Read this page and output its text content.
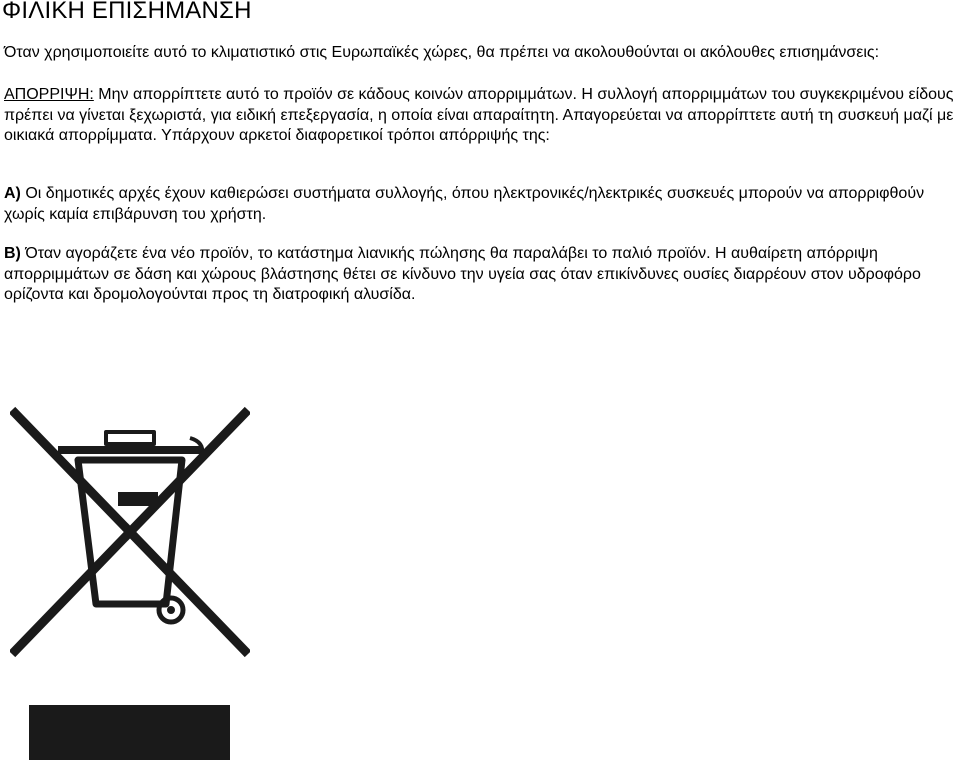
ΦΙΛΙΚΗ ΕΠΙΣΗΜΑΝΣΗ

Όταν χρησιμοποιείτε αυτό το κλιματιστικό στις Ευρωπαϊκές χώρες, θα πρέπει να ακολουθούνται οι ακόλουθες επισημάνσεις:

ΑΠΟΡΡΙΨΗ: Μην απορρίπτετε αυτό το προϊόν σε κάδους κοινών απορριμμάτων. Η συλλογή απορριμμάτων του συγκεκριμένου είδους πρέπει να γίνεται ξεχωριστά, για ειδική επεξεργασία, η οποία είναι απαραίτητη. Απαγορεύεται να απορρίπτετε αυτή τη συσκευή μαζί με οικιακά απορρίμματα. Υπάρχουν αρκετοί διαφορετικοί τρόποι απόρριψής της:

A) Οι δημοτικές αρχές έχουν καθιερώσει συστήματα συλλογής, όπου ηλεκτρονικές/ηλεκτρικές συσκευές μπορούν να απορριφθούν χωρίς καμία επιβάρυνση του χρήστη.

B) Όταν αγοράζετε ένα νέο προϊόν, το κατάστημα λιανικής πώλησης θα παραλάβει το παλιό προϊόν. Η αυθαίρετη απόρριψη απορριμμάτων σε δάση και χώρους βλάστησης θέτει σε κίνδυνο την υγεία σας όταν επικίνδυνες ουσίες διαρρέουν στον υδροφόρο ορίζοντα και δρομολογούνται προς τη διατροφική αλυσίδα.
